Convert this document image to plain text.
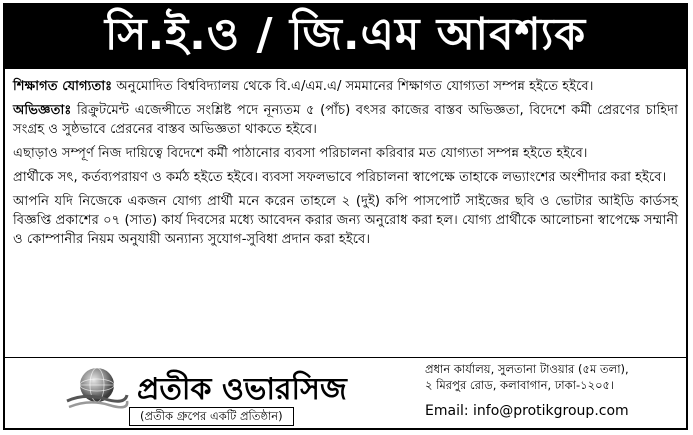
সি.ই.ও / জি.এম আবশ্যক

শিক্ষাগত যোগ্যতাঃ অনুমোদিত বিশ্ববিদ্যালয় থেকে বি.এ/এম.এ/ সমমানের শিক্ষাগত যোগ্যতা সম্পন্ন হইতে হইবে।

অভিজ্ঞতাঃ রিক্রুটমেন্ট এজেন্সীতে সংশ্লিষ্ট পদে নূন্যতম ৫ (পাঁচ) বৎসর কাজের বাস্তব অভিজ্ঞতা, বিদেশে কর্মী প্রেরণের চাহিদা সংগ্রহ ও সুষ্ঠভাবে প্রেরনের বাস্তব অভিজ্ঞতা থাকতে হইবে।

এছাড়াও সম্পূর্ণ নিজ দায়িত্বে বিদেশে কর্মী পাঠানোর ব্যবসা পরিচালনা করিবার মত যোগ্যতা সম্পন্ন হইতে হইবে।

প্রার্থীকে সৎ, কর্তব্যপরায়ণ ও কর্মঠ হইতে হইবে। ব্যবসা সফলভাবে পরিচালনা স্বাপেক্ষে তাহাকে লভ্যাংশের অংশীদার করা হইবে।

আপনি যদি নিজেকে একজন যোগ্য প্রার্থী মনে করেন তাহলে ২ (দুই) কপি পাসপোর্ট সাইজের ছবি ও ভোটার আইডি কার্ডসহ বিজ্ঞপ্তি প্রকাশের ০৭ (সাত) কার্য দিবসের মধ্যে আবেদন করার জন্য অনুরোধ করা হল। যোগ্য প্রার্থীকে আলোচনা স্বাপেক্ষে সম্মানী ও কোম্পানীর নিয়ম অনুযায়ী অন্যান্য সুযোগ-সুবিধা প্রদান করা হইবে।

প্রতীক ওভারসিজ
(প্রতীক গ্রুপের একটি প্রতিষ্ঠান)
প্রধান কার্যালয়, সুলতানা টাওয়ার (৫ম তলা),
২ মিরপুর রোড, কলাবাগান, ঢাকা-১২০৫।
Email: info@protikgroup.com
